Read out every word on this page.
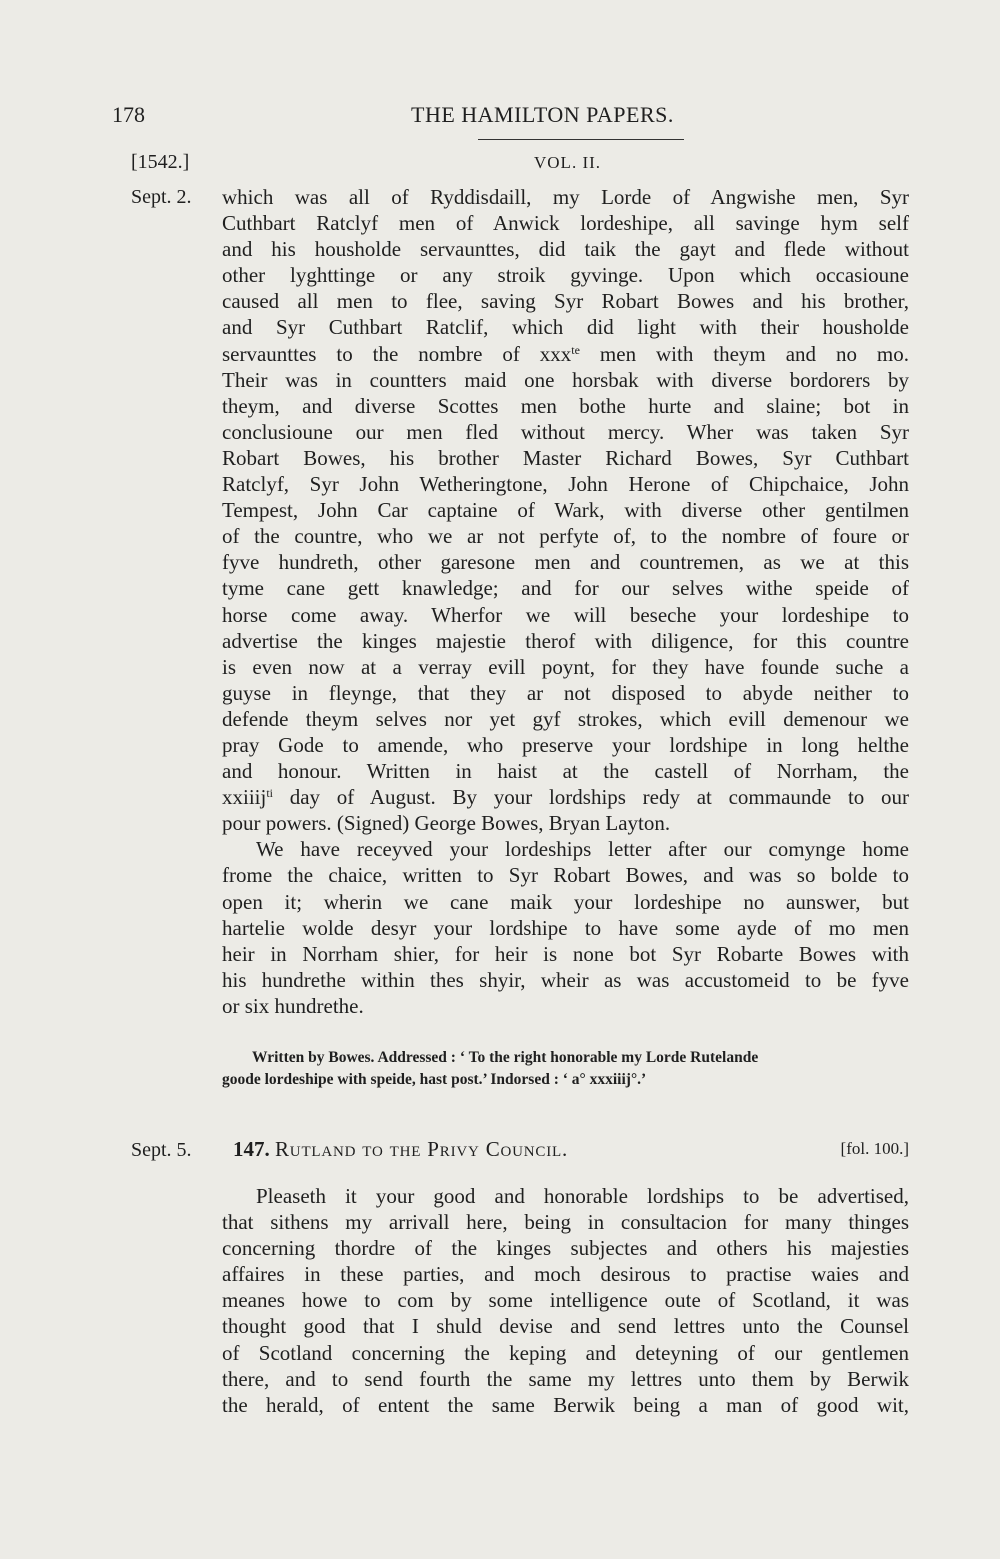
178	THE HAMILTON PAPERS.
[1542.]	VOL. II.
Sept. 2. which was all of Ryddisdaill, my Lorde of Angwishe men, Syr
Cuthbart Ratclyf men of Anwick lordeshipe, all savinge hym self
and his housholde servaunttes, did taik the gayt and flede without
other lyghttinge or any stroik gyvinge. Upon which occasioune
caused all men to flee, saving Syr Robart Bowes and his brother,
and Syr Cuthbart Ratclif, which did light with their housholde
servaunttes to the nombre of xxx$^{te}$ men with theym and no mo.
Their was in countters maid one horsbak with diverse bordorers by
theym, and diverse Scottes men bothe hurte and slaine; bot in
conclusioune our men fled without mercy. Wher was taken Syr
Robart Bowes, his brother Master Richard Bowes, Syr Cuthbart
Ratclyf, Syr John Wetheringtone, John Herone of Chipchaice, John
Tempest, John Car captaine of Wark, with diverse other gentilmen
of the countre, who we ar not perfyte of, to the nombre of foure or
fyve hundreth, other garesone men and countremen, as we at this
tyme cane gett knawledge; and for our selves withe speide of
horse come away. Wherfor we will beseche your lordeshipe to
advertise the kinges majestie therof with diligence, for this countre
is even now at a verray evill poynt, for they have founde suche a
guyse in fleynge, that they ar not disposed to abyde neither to
defende theym selves nor yet gyf strokes, which evill demenour we
pray Gode to amende, who preserve your lordshipe in long helthe
and honour. Written in haist at the castell of Norrham, the
xxiiij$^{ti}$ day of August. By your lordships redy at commaunde to our
pour powers. (Signed) George Bowes, Bryan Layton.
We have receyved your lordeships letter after our comynge home
frome the chaice, written to Syr Robart Bowes, and was so bolde to
open it; wherin we cane maik your lordeshipe no aunswer, but
hartelie wolde desyr your lordshipe to have some ayde of mo men
heir in Norrham shier, for heir is none bot Syr Robarte Bowes with
his hundrethe within thes shyir, wheir as was accustomeid to be fyve
or six hundrethe.
Written by Bowes. Addressed : ‘ To the right honorable my Lorde Rutelande
goode lordeshipe with speide, hast post.’ Indorsed : ‘ a° xxxiiij°.’
Sept. 5. 147. Rutland to the Privy Council.	[fol. 100.]
Pleaseth it your good and honorable lordships to be advertised,
that sithens my arrivall here, being in consultacion for many thinges
concerning thordre of the kinges subjectes and others his majesties
affaires in these parties, and moch desirous to practise waies and
meanes howe to com by some intelligence oute of Scotland, it was
thought good that I shuld devise and send lettres unto the Counsel
of Scotland concerning the keping and deteyning of our gentlemen
there, and to send fourth the same my lettres unto them by Berwik
the herald, of entent the same Berwik being a man of good wit,
